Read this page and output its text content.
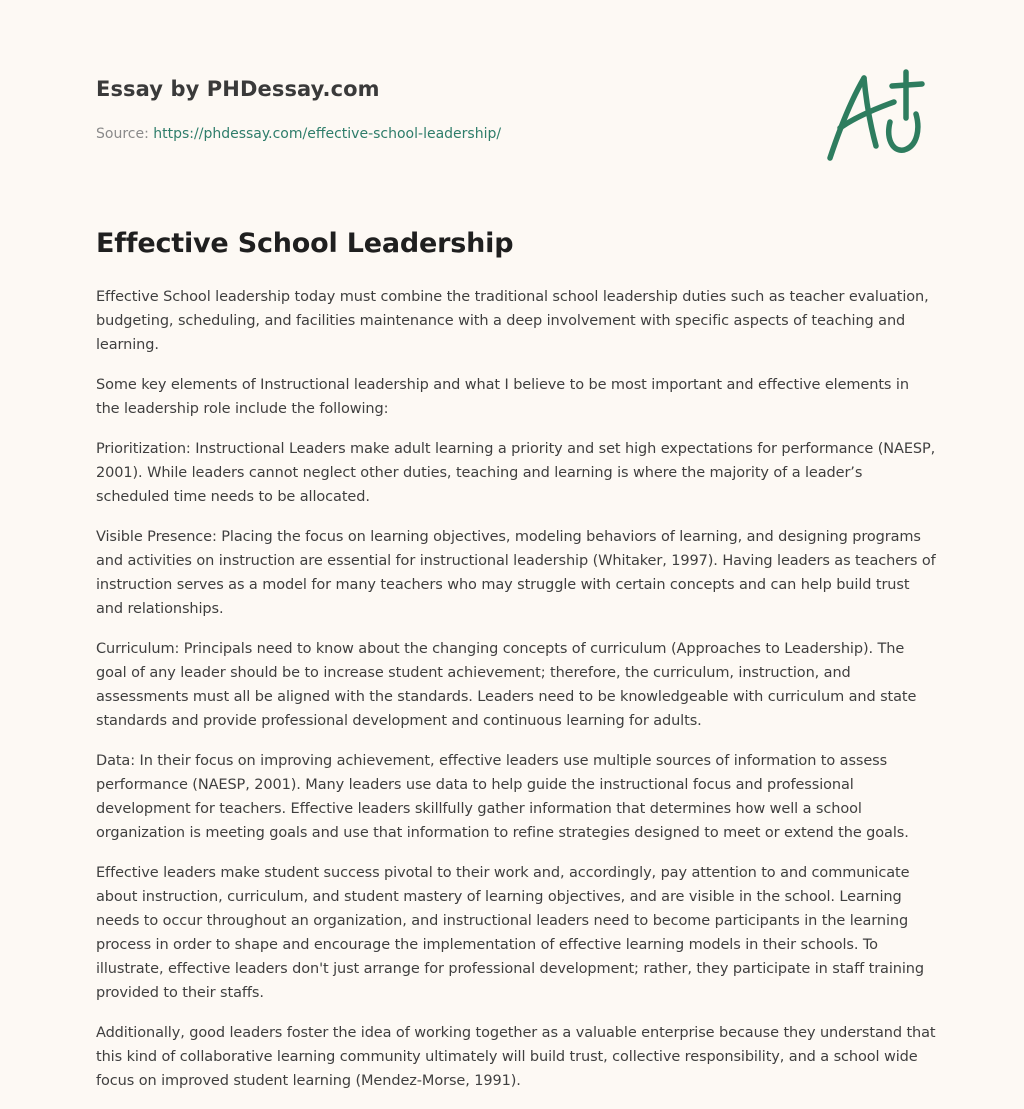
Essay by PHDessay.com
Source: https://phdessay.com/effective-school-leadership/
Effective School Leadership

Effective School leadership today must combine the traditional school leadership duties such as teacher evaluation, budgeting, scheduling, and facilities maintenance with a deep involvement with specific aspects of teaching and learning.

Some key elements of Instructional leadership and what I believe to be most important and effective elements in the leadership role include the following:

Prioritization: Instructional Leaders make adult learning a priority and set high expectations for performance (NAESP, 2001). While leaders cannot neglect other duties, teaching and learning is where the majority of a leader’s scheduled time needs to be allocated.

Visible Presence: Placing the focus on learning objectives, modeling behaviors of learning, and designing programs and activities on instruction are essential for instructional leadership (Whitaker, 1997). Having leaders as teachers of instruction serves as a model for many teachers who may struggle with certain concepts and can help build trust and relationships.

Curriculum: Principals need to know about the changing concepts of curriculum (Approaches to Leadership). The goal of any leader should be to increase student achievement; therefore, the curriculum, instruction, and assessments must all be aligned with the standards. Leaders need to be knowledgeable with curriculum and state standards and provide professional development and continuous learning for adults.

Data: In their focus on improving achievement, effective leaders use multiple sources of information to assess performance (NAESP, 2001). Many leaders use data to help guide the instructional focus and professional development for teachers. Effective leaders skillfully gather information that determines how well a school organization is meeting goals and use that information to refine strategies designed to meet or extend the goals.

Effective leaders make student success pivotal to their work and, accordingly, pay attention to and communicate about instruction, curriculum, and student mastery of learning objectives, and are visible in the school. Learning needs to occur throughout an organization, and instructional leaders need to become participants in the learning process in order to shape and encourage the implementation of effective learning models in their schools. To illustrate, effective leaders don't just arrange for professional development; rather, they participate in staff training provided to their staffs.

Additionally, good leaders foster the idea of working together as a valuable enterprise because they understand that this kind of collaborative learning community ultimately will build trust, collective responsibility, and a school wide focus on improved student learning (Mendez-Morse, 1991).
